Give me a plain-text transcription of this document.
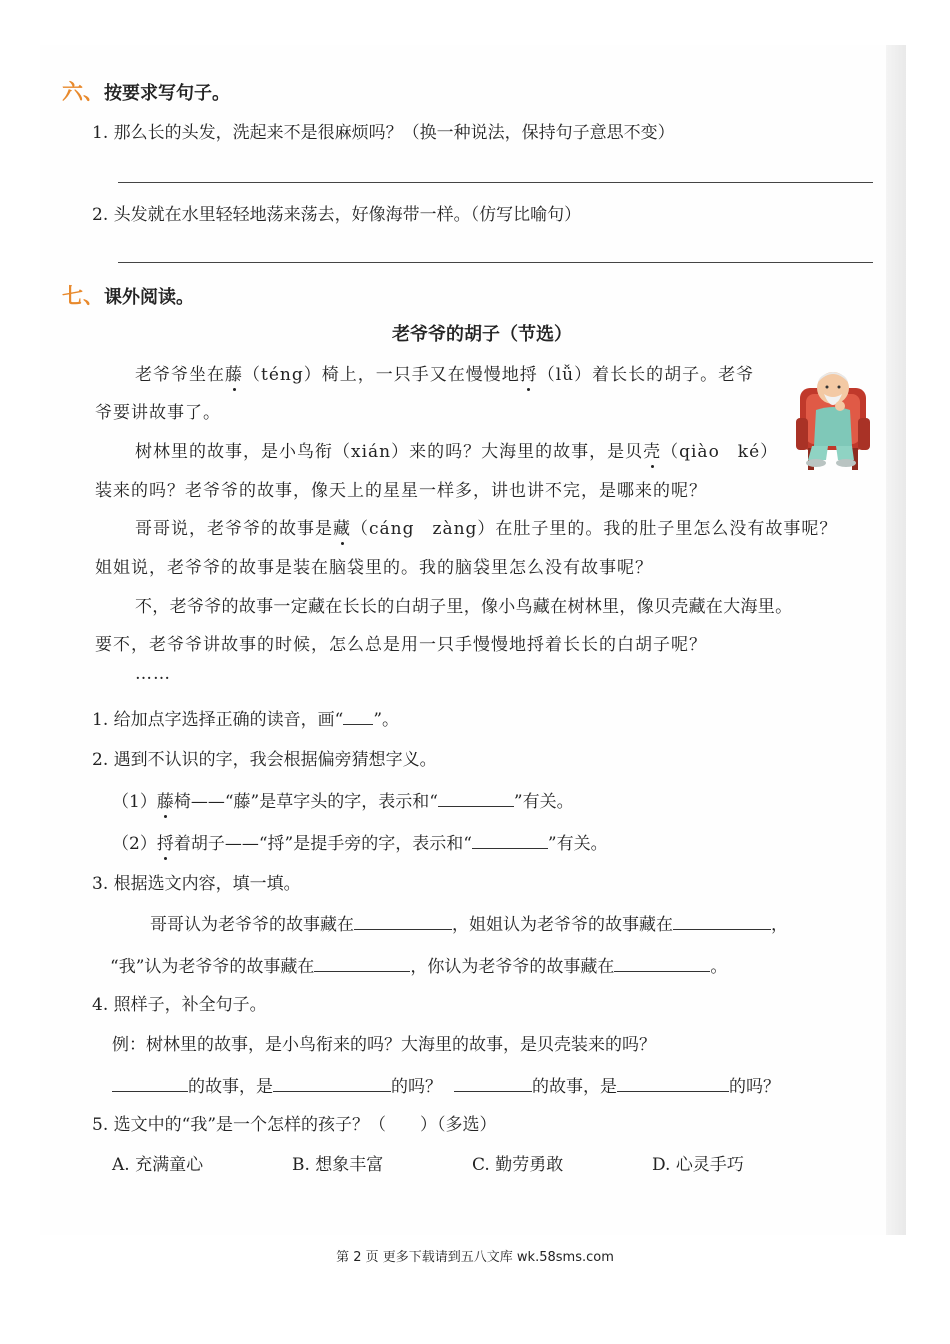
六、按要求写句子。
1. 那么长的头发，洗起来不是很麻烦吗？（换一种说法，保持句子意思不变）
2. 头发就在水里轻轻地荡来荡去，好像海带一样。（仿写比喻句）
七、课外阅读。
老爷爷的胡子（节选）
老爷爷坐在藤（téng）椅上，一只手又在慢慢地捋（lǚ）着长长的胡子。老爷
爷要讲故事了。
树林里的故事，是小鸟衔（xián）来的吗？大海里的故事，是贝壳（qiào　ké）
装来的吗？老爷爷的故事，像天上的星星一样多，讲也讲不完，是哪来的呢？
哥哥说，老爷爷的故事是藏（cáng　zàng）在肚子里的。我的肚子里怎么没有故事呢？
姐姐说，老爷爷的故事是装在脑袋里的。我的脑袋里怎么没有故事呢？
不，老爷爷的故事一定藏在长长的白胡子里，像小鸟藏在树林里，像贝壳藏在大海里。
要不，老爷爷讲故事的时候，怎么总是用一只手慢慢地捋着长长的白胡子呢？
……
1. 给加点字选择正确的读音，画“ ”。
2. 遇到不认识的字，我会根据偏旁猜想字义。
（1）藤椅——“藤”是草字头的字，表示和“	”有关。
（2）捋着胡子——“捋”是提手旁的字，表示和“	”有关。
3. 根据选文内容，填一填。
哥哥认为老爷爷的故事藏在	，姐姐认为老爷爷的故事藏在	，
“我”认为老爷爷的故事藏在	，你认为老爷爷的故事藏在	。
4. 照样子，补全句子。
例：树林里的故事，是小鸟衔来的吗？大海里的故事，是贝壳装来的吗？
的故事，是	的吗？	的故事，是	的吗？
5. 选文中的“我”是一个怎样的孩子？（　　）（多选）
A. 充满童心	B. 想象丰富	C. 勤劳勇敢	D. 心灵手巧
第 2 页 更多下载请到五八文库 wk.58sms.com
